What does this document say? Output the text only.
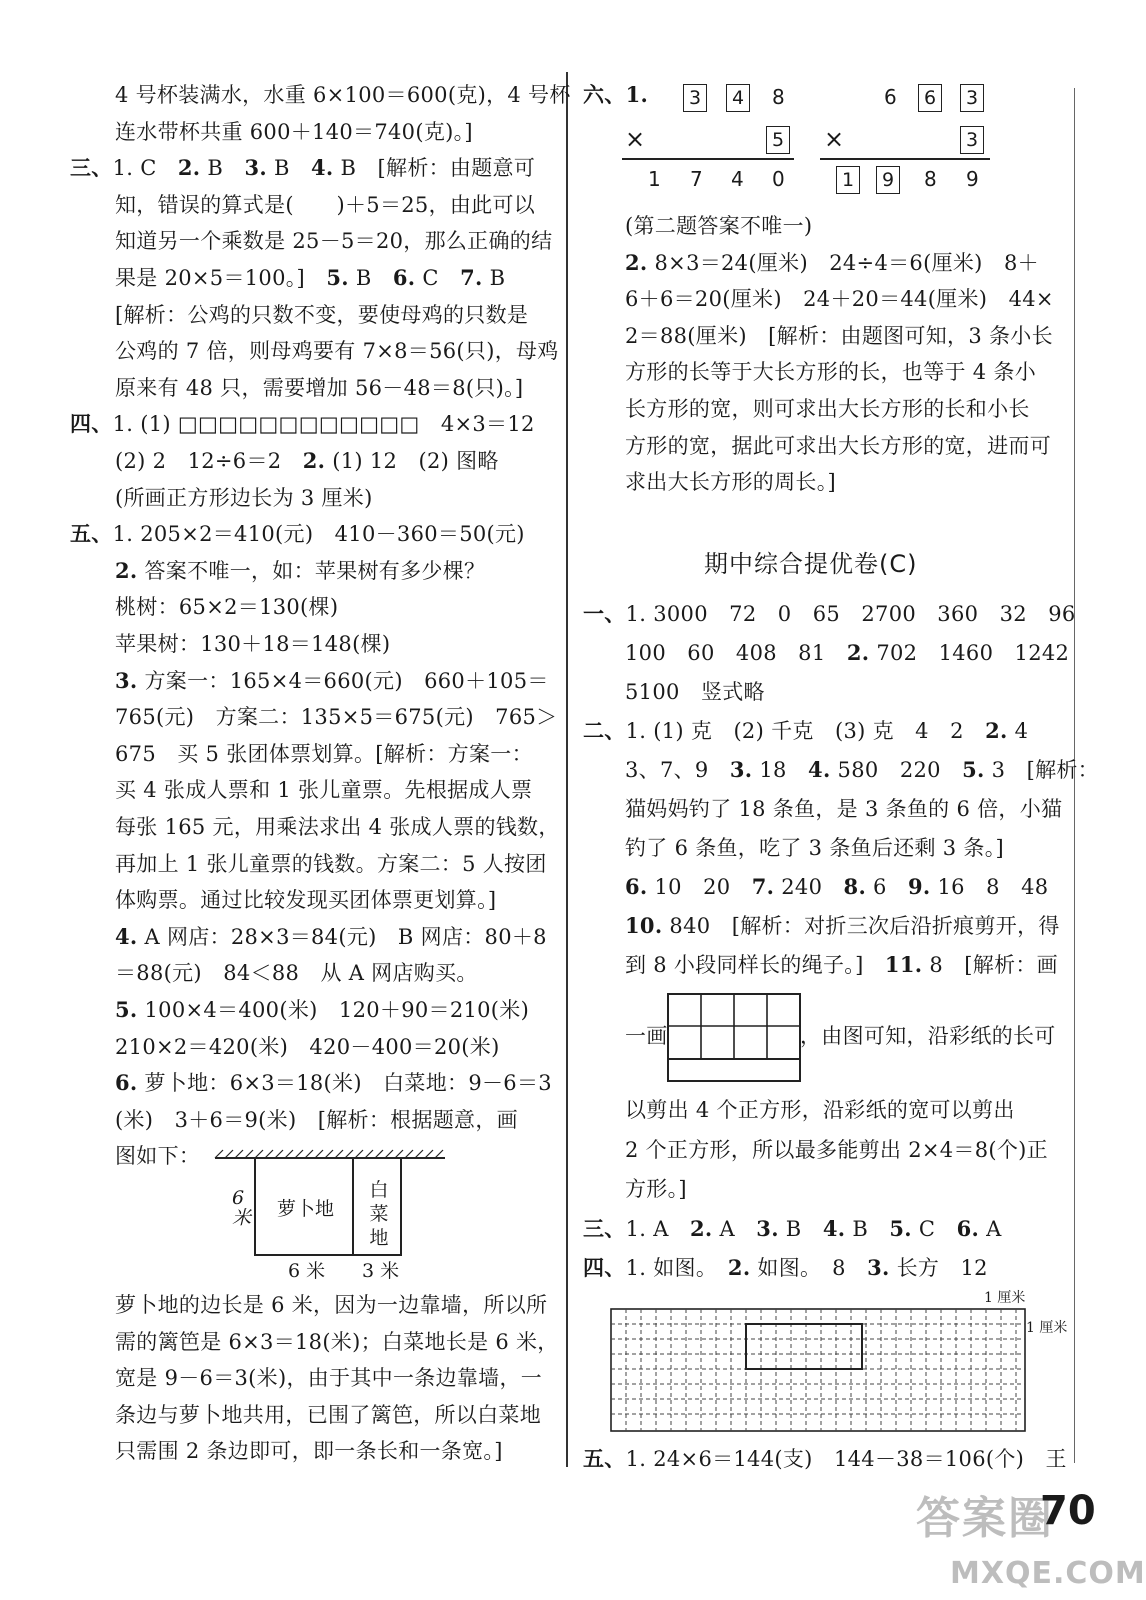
4 号杯装满水，水重 6×100＝600(克)，4 号杯
连水带杯共重 600＋140＝740(克)。]
三、1. C　2. B　3. B　4. B　[解析：由题意可
知，错误的算式是(　　)＋5＝25，由此可以
知道另一个乘数是 25－5＝20，那么正确的结
果是 20×5＝100。]　5. B　6. C　7. B
[解析：公鸡的只数不变，要使母鸡的只数是
公鸡的 7 倍，则母鸡要有 7×8＝56(只)，母鸡
原来有 48 只，需要增加 56－48＝8(只)。]
四、1. (1) □□□□□□□□□□□□　4×3＝12
(2) 2　12÷6＝2　2. (1) 12　(2) 图略
(所画正方形边长为 3 厘米)
五、1. 205×2＝410(元)　410－360＝50(元)
2. 答案不唯一，如：苹果树有多少棵？
桃树：65×2＝130(棵)
苹果树：130＋18＝148(棵)
3. 方案一：165×4＝660(元)　660＋105＝
765(元)　方案二：135×5＝675(元)　765＞
675　买 5 张团体票划算。[解析：方案一：
买 4 张成人票和 1 张儿童票。先根据成人票
每张 165 元，用乘法求出 4 张成人票的钱数，
再加上 1 张儿童票的钱数。方案二：5 人按团
体购票。通过比较发现买团体票更划算。]
4. A 网店：28×3＝84(元)　B 网店：80＋8
＝88(元)　84＜88　从 A 网店购买。
5. 100×4＝400(米)　120＋90＝210(米)
210×2＝420(米)　420－400＝20(米)
6. 萝卜地：6×3＝18(米)　白菜地：9－6＝3
(米)　3＋6＝9(米)　[解析：根据题意，画
图如下：
萝卜地
白菜地
6米
6 米 3 米
萝卜地的边长是 6 米，因为一边靠墙，所以所
需的篱笆是 6×3＝18(米)；白菜地长是 6 米，
宽是 9－6＝3(米)，由于其中一条边靠墙，一
条边与萝卜地共用，已围了篱笆，所以白菜地
只需围 2 条边即可，即一条长和一条宽。]
六、1.	3	4 8
×	5
1 7 4 0
6	6	3
×	3
1	9 8 9
(第二题答案不唯一)
2. 8×3＝24(厘米)　24÷4＝6(厘米)　8＋
6＋6＝20(厘米)　24＋20＝44(厘米)　44×
2＝88(厘米)　[解析：由题图可知，3 条小长
方形的长等于大长方形的长，也等于 4 条小
长方形的宽，则可求出大长方形的长和小长
方形的宽，据此可求出大长方形的宽，进而可
求出大长方形的周长。]
期中综合提优卷(C)
一、1. 3000　72　0　65　2700　360　32　96
100　60　408　81　2. 702　1460　1242
5100　竖式略
二、1. (1) 克　(2) 千克　(3) 克　4　2　2. 4
3、7、9　3. 18　4. 580　220　5. 3　[解析：
猫妈妈钓了 18 条鱼，是 3 条鱼的 6 倍，小猫
钓了 6 条鱼，吃了 3 条鱼后还剩 3 条。]
6. 10　20　7. 240　8. 6　9. 16　8　48
10. 840　[解析：对折三次后沿折痕剪开，得
到 8 小段同样长的绳子。]　11. 8　[解析：画
一画	，由图可知，沿彩纸的长可
以剪出 4 个正方形，沿彩纸的宽可以剪出
2 个正方形，所以最多能剪出 2×4＝8(个)正
方形。]
三、1. A　2. A　3. B　4. B　5. C　6. A
四、1. 如图。　2. 如图。　8　3. 长方　12
1 厘米
1 厘米
五、1. 24×6＝144(支)　144－38＝106(个)　王
答案圈
70
MXQE.COM
